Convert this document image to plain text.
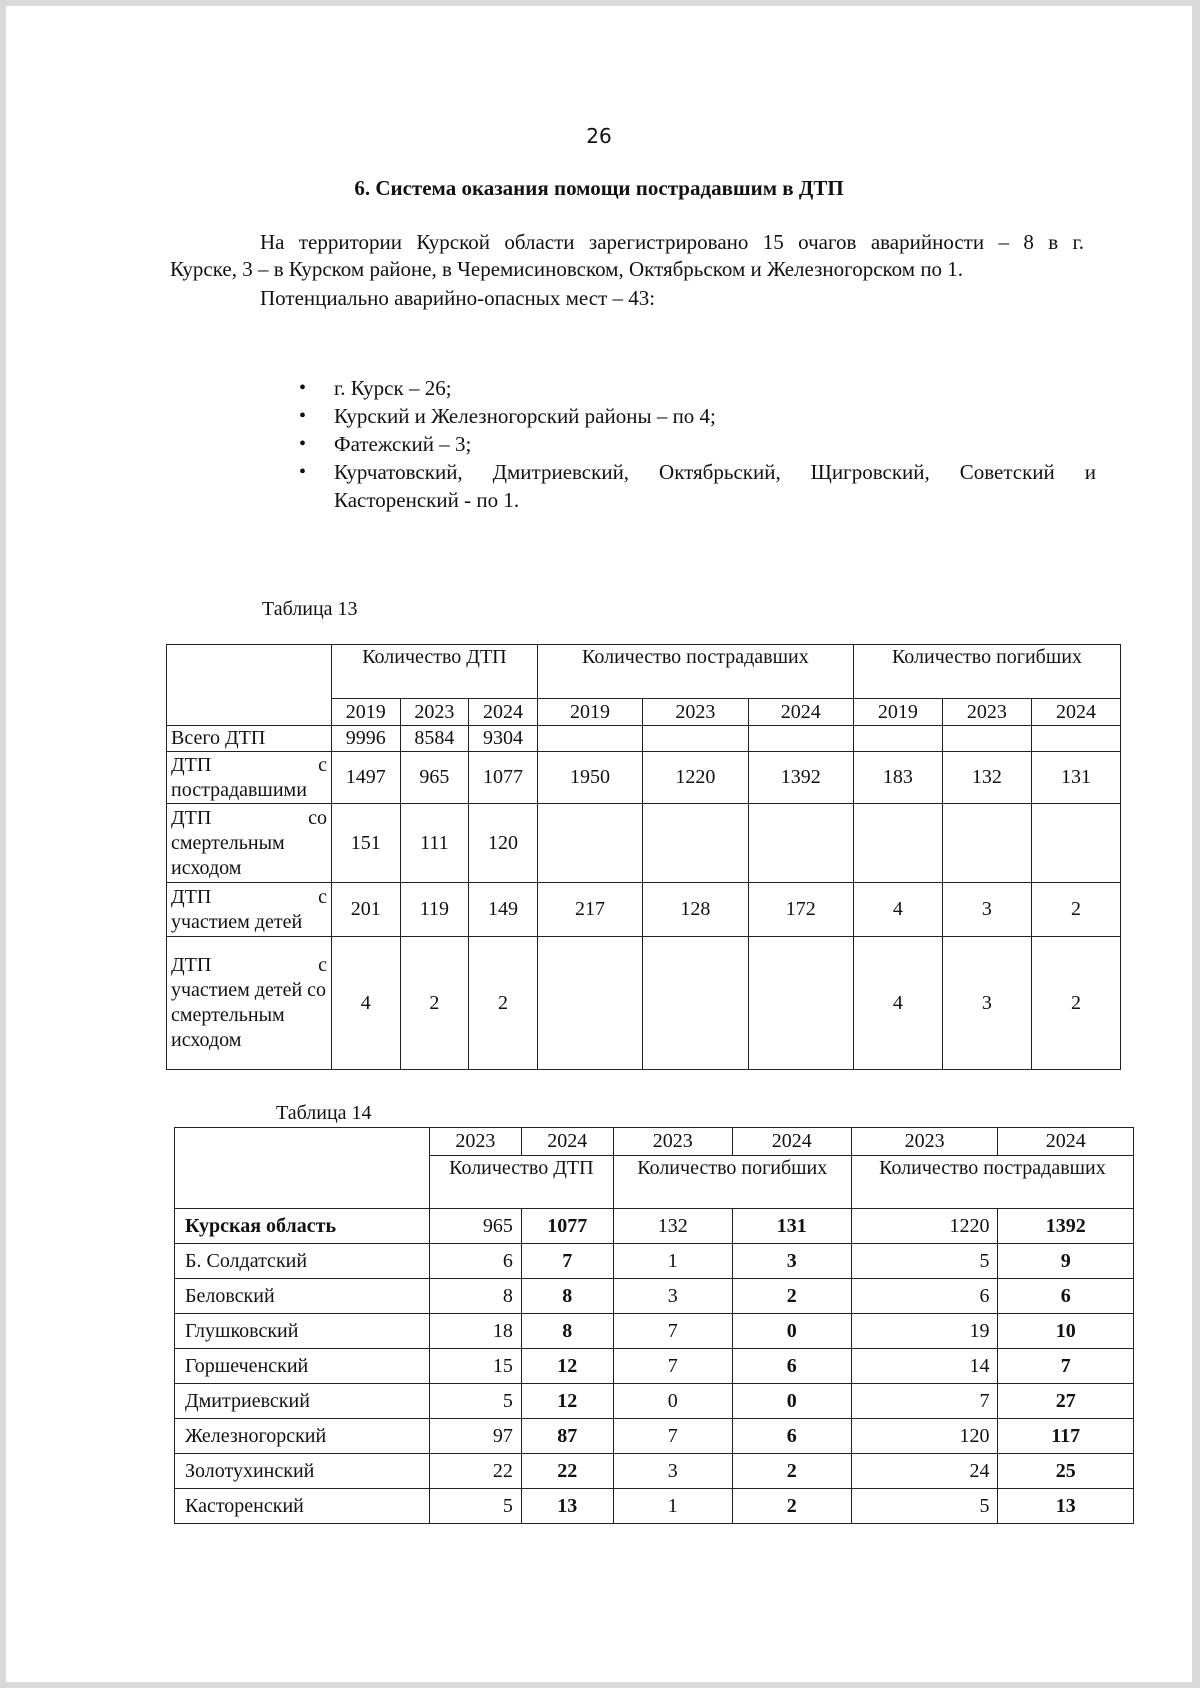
26
6. Система оказания помощи пострадавшим в ДТП
На территории Курской области зарегистрировано 15 очагов аварийности – 8 в г.
Курске, 3 – в Курском районе, в Черемисиновском, Октябрьском и Железногорском по 1.
Потенциально аварийно-опасных мест – 43:
• г. Курск – 26;
• Курский и Железногорский районы – по 4;
• Фатежский – 3;
• Курчатовский, Дмитриевский, Октябрьский, Щигровский, Советский и Касторенский - по 1.
Таблица 13
	Количество ДТП			Количество пострадавших			Количество погибших		
	2019	2023	2024	2019	2023	2024	2019	2023	2024
Всего ДТП	9996	8584	9304						

ДТП с
пострадавшими	1497	965	1077	1950	1220	1392	183	132	131

ДТП со
смертельным исходом	151	111	120						

ДТП с
участием детей	201	119	149	217	128	172	4	3	2

ДТП с
участием детей со смертельным исходом	4	2	2				4	3	2
Таблица 14
	2023	2024	2023	2024	2023	2024
	Количество ДТП		Количество погибших		Количество пострадавших	
Курская область	965	1077	132	131	1220	1392
Б. Солдатский	6	7	1	3	5	9
Беловский	8	8	3	2	6	6
Глушковский	18	8	7	0	19	10
Горшеченский	15	12	7	6	14	7
Дмитриевский	5	12	0	0	7	27
Железногорский	97	87	7	6	120	117
Золотухинский	22	22	3	2	24	25
Касторенский	5	13	1	2	5	13
